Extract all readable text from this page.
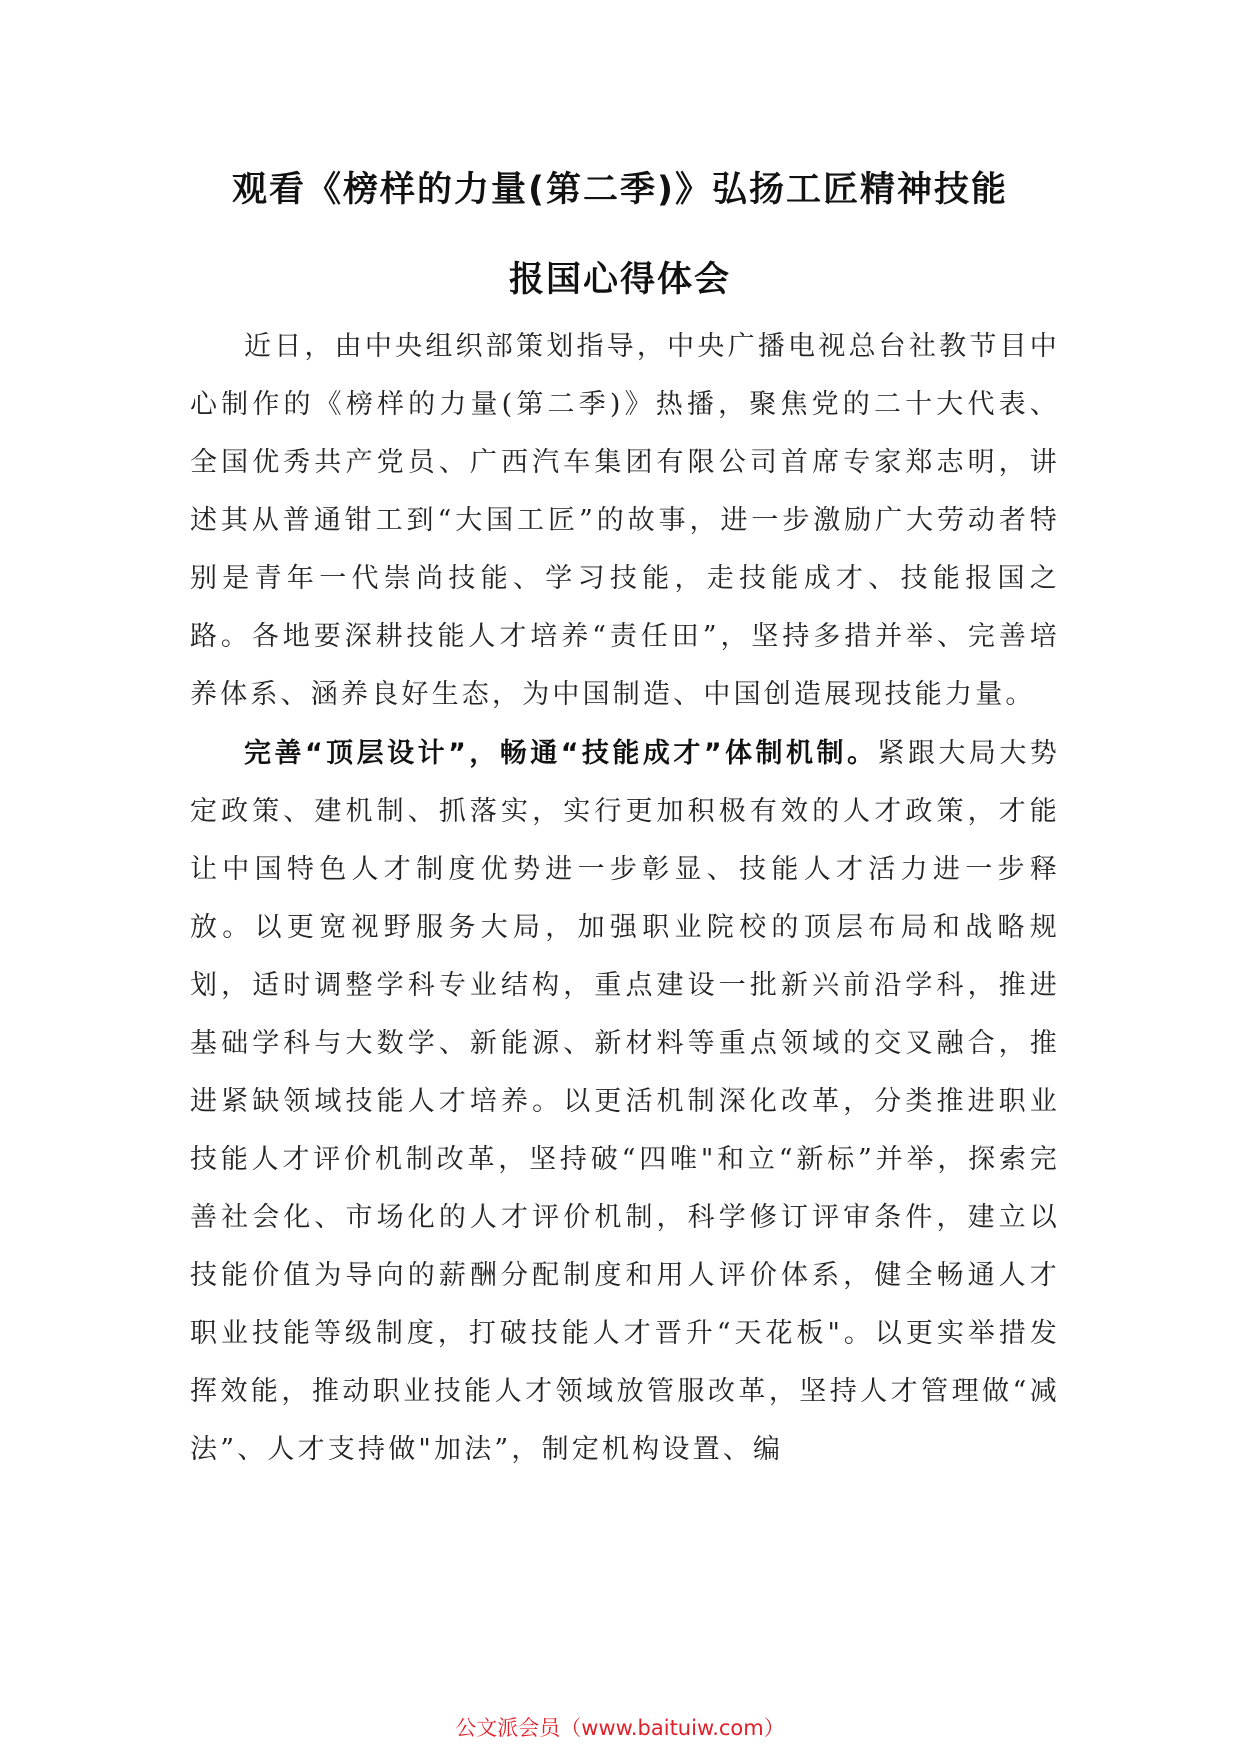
观看《榜样的力量(第二季)》弘扬工匠精神技能
报国心得体会

近日，由中央组织部策划指导，中央广播电视总台社教节目中心制作的《榜样的力量(第二季)》热播，聚焦党的二十大代表、全国优秀共产党员、广西汽车集团有限公司首席专家郑志明，讲述其从普通钳工到“大国工匠”的故事，进一步激励广大劳动者特别是青年一代崇尚技能、学习技能，走技能成才、技能报国之路。各地要深耕技能人才培养“责任田”，坚持多措并举、完善培养体系、涵养良好生态，为中国制造、中国创造展现技能力量。

完善“顶层设计”，畅通“技能成才”体制机制。紧跟大局大势定政策、建机制、抓落实，实行更加积极有效的人才政策，才能让中国特色人才制度优势进一步彰显、技能人才活力进一步释放。以更宽视野服务大局，加强职业院校的顶层布局和战略规划，适时调整学科专业结构，重点建设一批新兴前沿学科，推进基础学科与大数学、新能源、新材料等重点领域的交叉融合，推进紧缺领域技能人才培养。以更活机制深化改革，分类推进职业技能人才评价机制改革，坚持破“四唯"和立“新标”并举，探索完善社会化、市场化的人才评价机制，科学修订评审条件，建立以技能价值为导向的薪酬分配制度和用人评价体系，健全畅通人才职业技能等级制度，打破技能人才晋升“天花板"。以更实举措发挥效能，推动职业技能人才领域放管服改革，坚持人才管理做“减法”、人才支持做"加法”，制定机构设置、编

公文派会员（www.baituiw.com）
